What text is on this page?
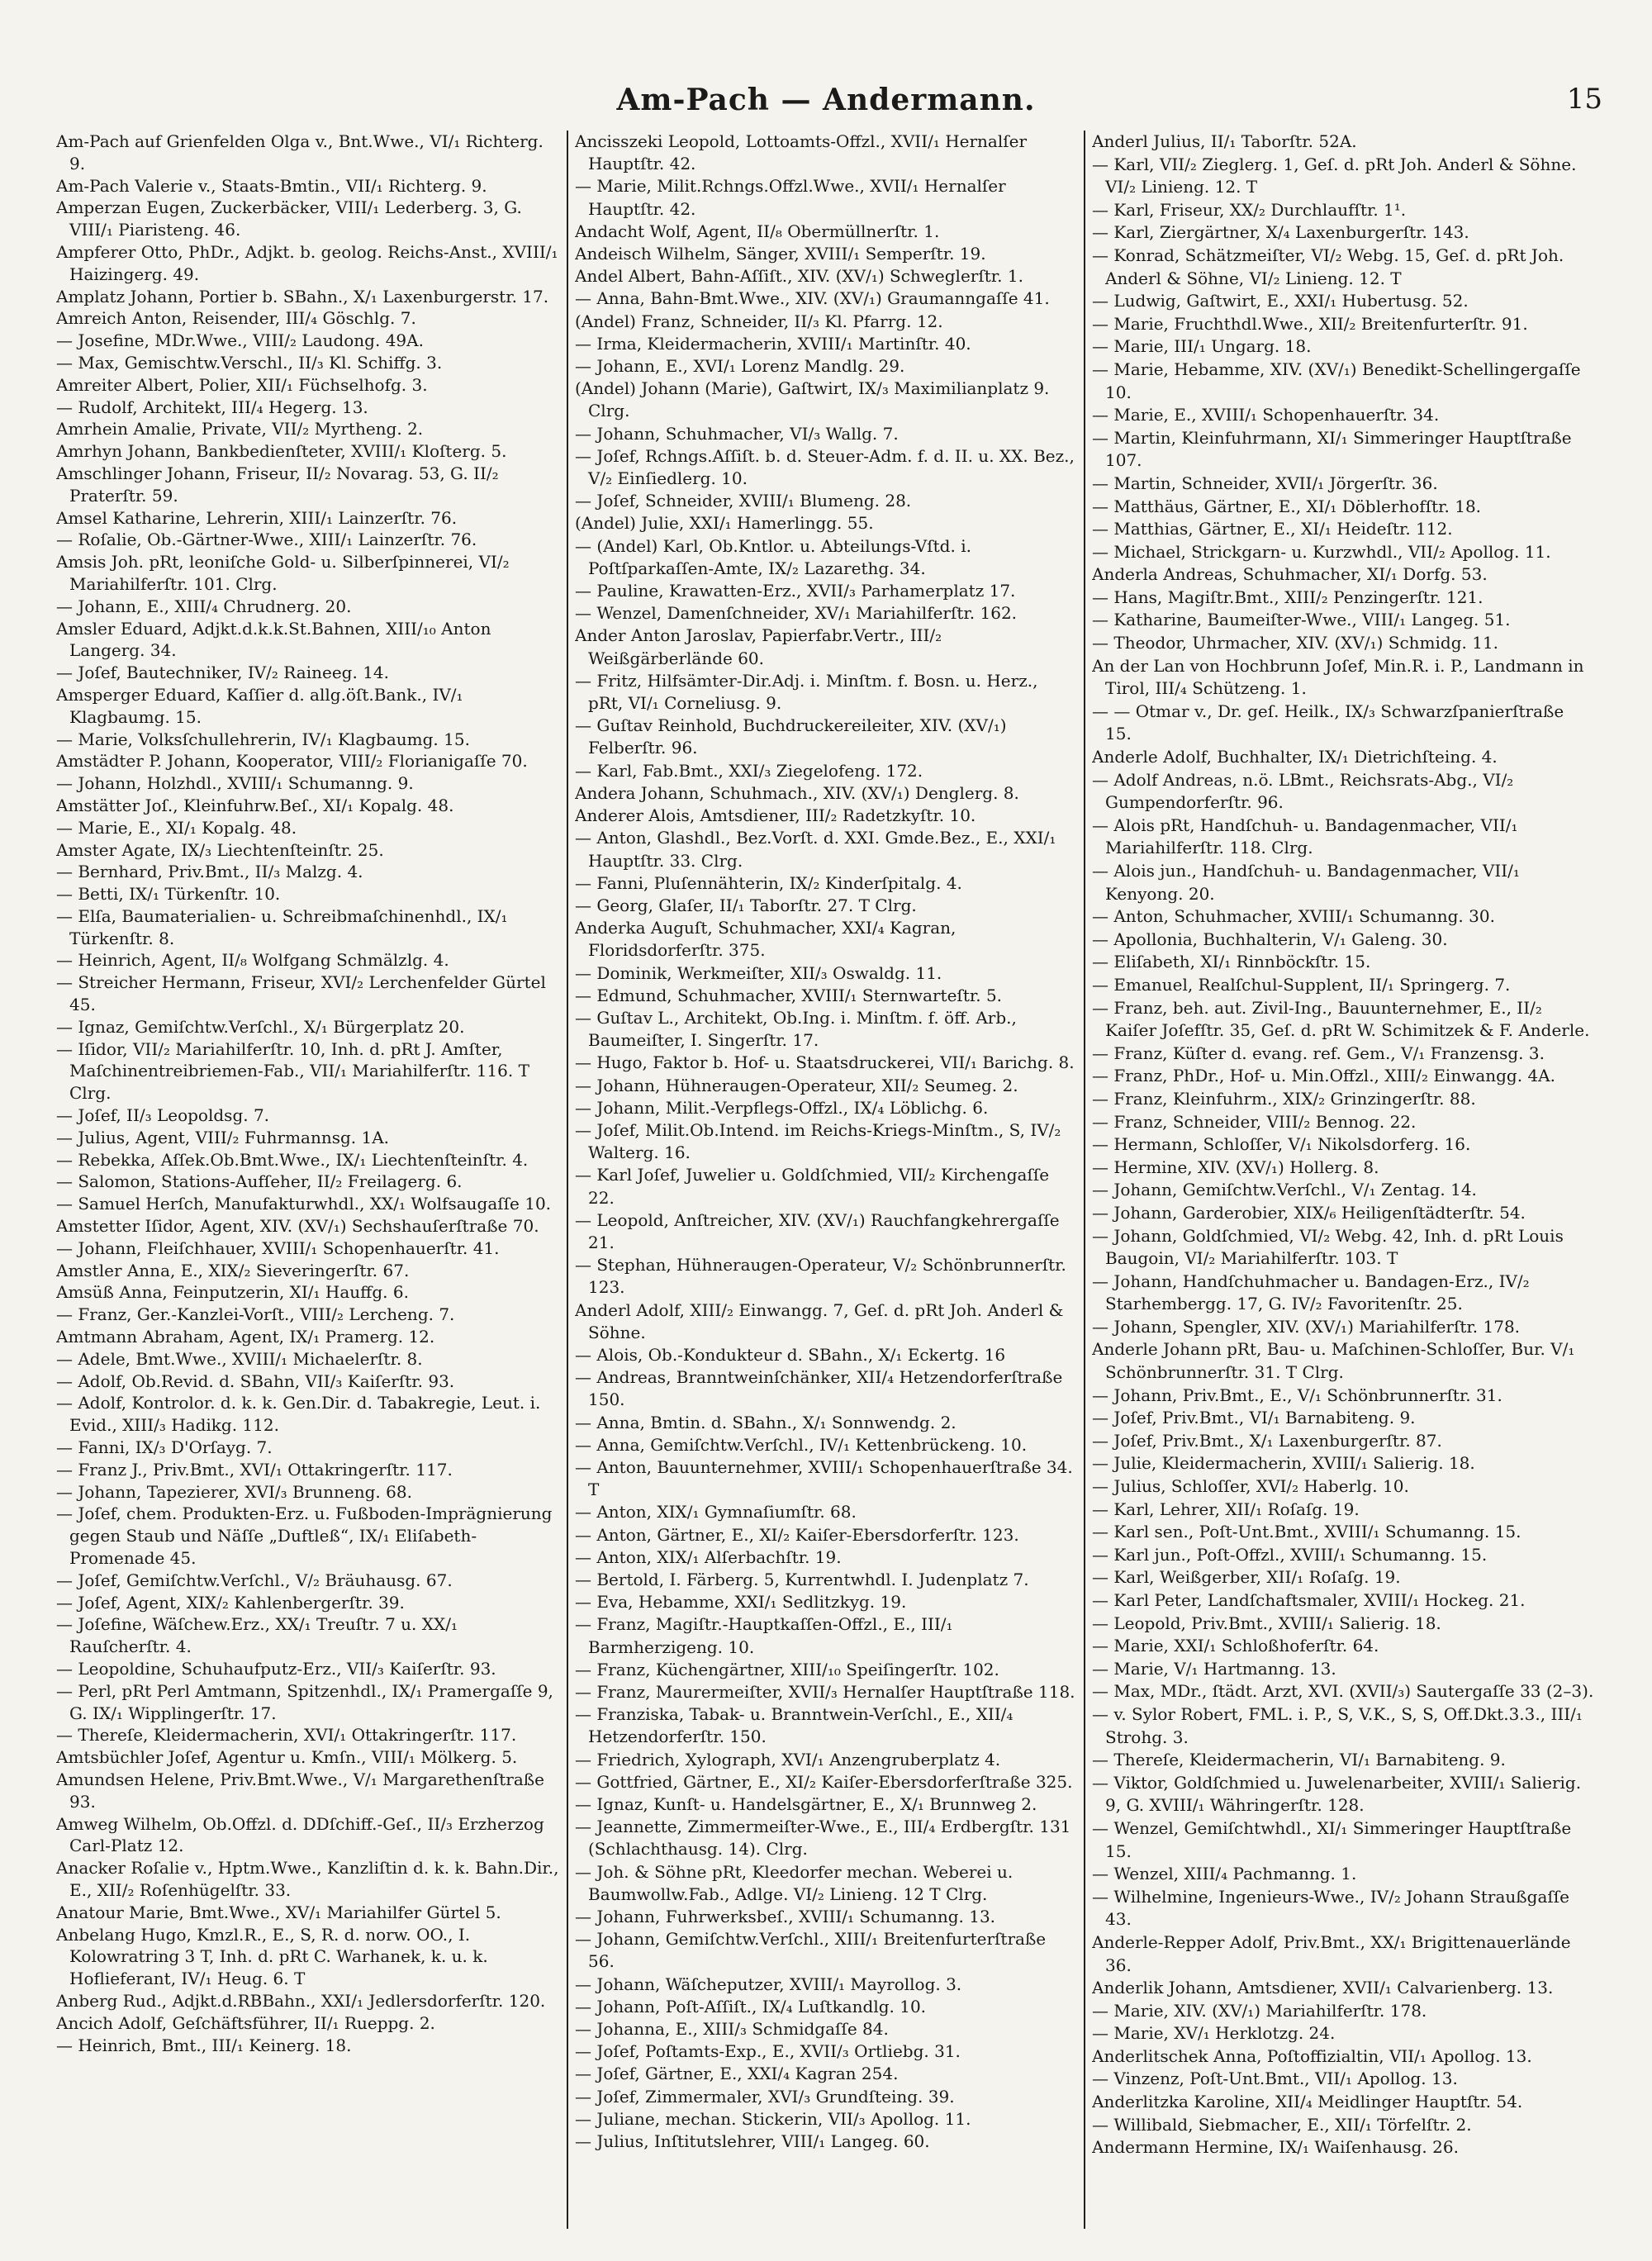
Am-Pach — Andermann.	15
Am-Pach auf Grienfelden Olga v., Bnt.Wwe., VI/₁ Richterg. 9.
Am-Pach Valerie v., Staats-Bmtin., VII/₁ Richterg. 9.
Amperzan Eugen, Zuckerbäcker, VIII/₁ Lederberg. 3, G. VIII/₁ Piaristeng. 46.
Ampferer Otto, PhDr., Adjkt. b. geolog. Reichs-Anst., XVIII/₁ Haizingerg. 49.
Amplatz Johann, Portier b. SBahn., X/₁ Laxenburgerstr. 17.
Amreich Anton, Reisender, III/₄ Göschlg. 7.
— Josefine, MDr.Wwe., VIII/₂ Laudong. 49A.
— Max, Gemischtw.Verschl., II/₃ Kl. Schiffg. 3.
Amreiter Albert, Polier, XII/₁ Füchselhofg. 3.
— Rudolf, Architekt, III/₄ Hegerg. 13.
Amrhein Amalie, Private, VII/₂ Myrtheng. 2.
Amrhyn Johann, Bankbedienſteter, XVIII/₁ Kloſterg. 5.
Amschlinger Johann, Friseur, II/₂ Novarag. 53, G. II/₂ Praterſtr. 59.
Amsel Katharine, Lehrerin, XIII/₁ Lainzerſtr. 76.
— Roſalie, Ob.-Gärtner-Wwe., XIII/₁ Lainzerſtr. 76.
Amsis Joh. pRt, leoniſche Gold- u. Silberſpinnerei, VI/₂ Mariahilferſtr. 101. Clrg.
— Johann, E., XIII/₄ Chrudnerg. 20.
Amsler Eduard, Adjkt.d.k.k.St.Bahnen, XIII/₁₀ Anton Langerg. 34.
— Joſef, Bautechniker, IV/₂ Raineeg. 14.
Amsperger Eduard, Kaſſier d. allg.öſt.Bank., IV/₁ Klagbaumg. 15.
— Marie, Volksſchullehrerin, IV/₁ Klagbaumg. 15.
Amstädter P. Johann, Kooperator, VIII/₂ Florianigaſſe 70.
— Johann, Holzhdl., XVIII/₁ Schumanng. 9.
Amstätter Joſ., Kleinfuhrw.Beſ., XI/₁ Kopalg. 48.
— Marie, E., XI/₁ Kopalg. 48.
Amster Agate, IX/₃ Liechtenſteinſtr. 25.
— Bernhard, Priv.Bmt., II/₃ Malzg. 4.
— Betti, IX/₁ Türkenſtr. 10.
— Elſa, Baumaterialien- u. Schreibmaſchinenhdl., IX/₁ Türkenſtr. 8.
— Heinrich, Agent, II/₈ Wolfgang Schmälzlg. 4.
— Streicher Hermann, Friseur, XVI/₂ Lerchenfelder Gürtel 45.
— Ignaz, Gemiſchtw.Verſchl., X/₁ Bürgerplatz 20.
— Iſidor, VII/₂ Mariahilferſtr. 10, Inh. d. pRt J. Amſter, Maſchinentreibriemen-Fab., VII/₁ Mariahilferſtr. 116. T Clrg.
— Joſef, II/₃ Leopoldsg. 7.
— Julius, Agent, VIII/₂ Fuhrmannsg. 1A.
— Rebekka, Aſſek.Ob.Bmt.Wwe., IX/₁ Liechtenſteinſtr. 4.
— Salomon, Stations-Aufſeher, II/₂ Freilagerg. 6.
— Samuel Herſch, Manufakturwhdl., XX/₁ Wolfsaugaſſe 10.
Amstetter Iſidor, Agent, XIV. (XV/₁) Sechshauſerſtraße 70.
— Johann, Fleiſchhauer, XVIII/₁ Schopenhauerſtr. 41.
Amstler Anna, E., XIX/₂ Sieveringerſtr. 67.
Amsüß Anna, Feinputzerin, XI/₁ Hauffg. 6.
— Franz, Ger.-Kanzlei-Vorſt., VIII/₂ Lercheng. 7.
Amtmann Abraham, Agent, IX/₁ Pramerg. 12.
— Adele, Bmt.Wwe., XVIII/₁ Michaelerſtr. 8.
— Adolf, Ob.Revid. d. SBahn, VII/₃ Kaiſerſtr. 93.
— Adolf, Kontrolor. d. k. k. Gen.Dir. d. Tabakregie, Leut. i. Evid., XIII/₃ Hadikg. 112.
— Fanni, IX/₃ D'Orſayg. 7.
— Franz J., Priv.Bmt., XVI/₁ Ottakringerſtr. 117.
— Johann, Tapezierer, XVI/₃ Brunneng. 68.
— Joſef, chem. Produkten-Erz. u. Fußboden-Imprägnierung gegen Staub und Näſſe „Duftleß“, IX/₁ Eliſabeth-Promenade 45.
— Joſef, Gemiſchtw.Verſchl., V/₂ Bräuhausg. 67.
— Joſef, Agent, XIX/₂ Kahlenbergerſtr. 39.
— Joſefine, Wäſchew.Erz., XX/₁ Treuſtr. 7 u. XX/₁ Rauſcherſtr. 4.
— Leopoldine, Schuhaufputz-Erz., VII/₃ Kaiſerſtr. 93.
— Perl, pRt Perl Amtmann, Spitzenhdl., IX/₁ Pramergaſſe 9, G. IX/₁ Wipplingerſtr. 17.
— Thereſe, Kleidermacherin, XVI/₁ Ottakringerſtr. 117.
Amtsbüchler Joſef, Agentur u. Kmſn., VIII/₁ Mölkerg. 5.
Amundsen Helene, Priv.Bmt.Wwe., V/₁ Margarethenſtraße 93.
Amweg Wilhelm, Ob.Offzl. d. DDſchiff.-Geſ., II/₃ Erzherzog Carl-Platz 12.
Anacker Roſalie v., Hptm.Wwe., Kanzliſtin d. k. k. Bahn.Dir., E., XII/₂ Roſenhügelſtr. 33.
Anatour Marie, Bmt.Wwe., XV/₁ Mariahilfer Gürtel 5.
Anbelang Hugo, Kmzl.R., E., S, R. d. norw. OO., I. Kolowratring 3 T, Inh. d. pRt C. Warhanek, k. u. k. Hoflieferant, IV/₁ Heug. 6. T
Anberg Rud., Adjkt.d.RBBahn., XXI/₁ Jedlersdorferſtr. 120.
Ancich Adolf, Geſchäftsführer, II/₁ Rueppg. 2.
— Heinrich, Bmt., III/₁ Keinerg. 18.
Ancisszeki Leopold, Lottoamts-Offzl., XVII/₁ Hernalſer Hauptſtr. 42.
— Marie, Milit.Rchngs.Offzl.Wwe., XVII/₁ Hernalſer Hauptſtr. 42.
Andacht Wolf, Agent, II/₈ Obermüllnerſtr. 1.
Andeisch Wilhelm, Sänger, XVIII/₁ Semperſtr. 19.
Andel Albert, Bahn-Aſſiſt., XIV. (XV/₁) Schweglerſtr. 1.
— Anna, Bahn-Bmt.Wwe., XIV. (XV/₁) Graumanngaſſe 41.
(Andel) Franz, Schneider, II/₃ Kl. Pfarrg. 12.
— Irma, Kleidermacherin, XVIII/₁ Martinſtr. 40.
— Johann, E., XVI/₁ Lorenz Mandlg. 29.
(Andel) Johann (Marie), Gaſtwirt, IX/₃ Maximilianplatz 9. Clrg.
— Johann, Schuhmacher, VI/₃ Wallg. 7.
— Joſef, Rchngs.Aſſiſt. b. d. Steuer-Adm. f. d. II. u. XX. Bez., V/₂ Einſiedlerg. 10.
— Joſef, Schneider, XVIII/₁ Blumeng. 28.
(Andel) Julie, XXI/₁ Hamerlingg. 55.
— (Andel) Karl, Ob.Kntlor. u. Abteilungs-Vſtd. i. Poſtſparkaſſen-Amte, IX/₂ Lazarethg. 34.
— Pauline, Krawatten-Erz., XVII/₃ Parhamerplatz 17.
— Wenzel, Damenſchneider, XV/₁ Mariahilferſtr. 162.
Ander Anton Jaroslav, Papierfabr.Vertr., III/₂ Weißgärberlände 60.
— Fritz, Hilfsämter-Dir.Adj. i. Minſtm. f. Bosn. u. Herz., pRt, VI/₁ Corneliusg. 9.
— Guſtav Reinhold, Buchdruckereileiter, XIV. (XV/₁) Felberſtr. 96.
— Karl, Fab.Bmt., XXI/₃ Ziegelofeng. 172.
Andera Johann, Schuhmach., XIV. (XV/₁) Denglerg. 8.
Anderer Alois, Amtsdiener, III/₂ Radetzkyſtr. 10.
— Anton, Glashdl., Bez.Vorſt. d. XXI. Gmde.Bez., E., XXI/₁ Hauptſtr. 33. Clrg.
— Fanni, Pluſennähterin, IX/₂ Kinderſpitalg. 4.
— Georg, Glaſer, II/₁ Taborſtr. 27. T Clrg.
Anderka Auguſt, Schuhmacher, XXI/₄ Kagran, Floridsdorferſtr. 375.
— Dominik, Werkmeiſter, XII/₃ Oswaldg. 11.
— Edmund, Schuhmacher, XVIII/₁ Sternwarteſtr. 5.
— Guſtav L., Architekt, Ob.Ing. i. Minſtm. f. öff. Arb., Baumeiſter, I. Singerſtr. 17.
— Hugo, Faktor b. Hof- u. Staatsdruckerei, VII/₁ Barichg. 8.
— Johann, Hühneraugen-Operateur, XII/₂ Seumeg. 2.
— Johann, Milit.-Verpflegs-Offzl., IX/₄ Löblichg. 6.
— Joſef, Milit.Ob.Intend. im Reichs-Kriegs-Minſtm., S, IV/₂ Walterg. 16.
— Karl Joſef, Juwelier u. Goldſchmied, VII/₂ Kirchengaſſe 22.
— Leopold, Anſtreicher, XIV. (XV/₁) Rauchfangkehrergaſſe 21.
— Stephan, Hühneraugen-Operateur, V/₂ Schönbrunnerſtr. 123.
Anderl Adolf, XIII/₂ Einwangg. 7, Geſ. d. pRt Joh. Anderl & Söhne.
— Alois, Ob.-Kondukteur d. SBahn., X/₁ Eckertg. 16
— Andreas, Branntweinſchänker, XII/₄ Hetzendorferſtraße 150.
— Anna, Bmtin. d. SBahn., X/₁ Sonnwendg. 2.
— Anna, Gemiſchtw.Verſchl., IV/₁ Kettenbrückeng. 10.
— Anton, Bauunternehmer, XVIII/₁ Schopenhauerſtraße 34. T
— Anton, XIX/₁ Gymnaſiumſtr. 68.
— Anton, Gärtner, E., XI/₂ Kaiſer-Ebersdorferſtr. 123.
— Anton, XIX/₁ Alſerbachſtr. 19.
— Bertold, I. Färberg. 5, Kurrentwhdl. I. Judenplatz 7.
— Eva, Hebamme, XXI/₁ Sedlitzkyg. 19.
— Franz, Magiſtr.-Hauptkaſſen-Offzl., E., III/₁ Barmherzigeng. 10.
— Franz, Küchengärtner, XIII/₁₀ Speiſingerſtr. 102.
— Franz, Maurermeiſter, XVII/₃ Hernalſer Hauptſtraße 118.
— Franziska, Tabak- u. Branntwein-Verſchl., E., XII/₄ Hetzendorferſtr. 150.
— Friedrich, Xylograph, XVI/₁ Anzengruberplatz 4.
— Gottfried, Gärtner, E., XI/₂ Kaiſer-Ebersdorferſtraße 325.
— Ignaz, Kunſt- u. Handelsgärtner, E., X/₁ Brunnweg 2.
— Jeannette, Zimmermeiſter-Wwe., E., III/₄ Erdbergſtr. 131 (Schlachthausg. 14). Clrg.
— Joh. & Söhne pRt, Kleedorfer mechan. Weberei u. Baumwollw.Fab., Adlge. VI/₂ Linieng. 12 T Clrg.
— Johann, Fuhrwerksbeſ., XVIII/₁ Schumanng. 13.
— Johann, Gemiſchtw.Verſchl., XIII/₁ Breitenfurterſtraße 56.
— Johann, Wäſcheputzer, XVIII/₁ Mayrollog. 3.
— Johann, Poſt-Aſſiſt., IX/₄ Luſtkandlg. 10.
— Johanna, E., XIII/₃ Schmidgaſſe 84.
— Joſef, Poſtamts-Exp., E., XVII/₃ Ortliebg. 31.
— Joſef, Gärtner, E., XXI/₄ Kagran 254.
— Joſef, Zimmermaler, XVI/₃ Grundſteing. 39.
— Juliane, mechan. Stickerin, VII/₃ Apollog. 11.
— Julius, Inſtitutslehrer, VIII/₁ Langeg. 60.
Anderl Julius, II/₁ Taborſtr. 52A.
— Karl, VII/₂ Zieglerg. 1, Geſ. d. pRt Joh. Anderl & Söhne. VI/₂ Linieng. 12. T
— Karl, Friseur, XX/₂ Durchlaufſtr. 1¹.
— Karl, Ziergärtner, X/₄ Laxenburgerſtr. 143.
— Konrad, Schätzmeiſter, VI/₂ Webg. 15, Geſ. d. pRt Joh. Anderl & Söhne, VI/₂ Linieng. 12. T
— Ludwig, Gaſtwirt, E., XXI/₁ Hubertusg. 52.
— Marie, Fruchthdl.Wwe., XII/₂ Breitenfurterſtr. 91.
— Marie, III/₁ Ungarg. 18.
— Marie, Hebamme, XIV. (XV/₁) Benedikt-Schellingergaſſe 10.
— Marie, E., XVIII/₁ Schopenhauerſtr. 34.
— Martin, Kleinfuhrmann, XI/₁ Simmeringer Hauptſtraße 107.
— Martin, Schneider, XVII/₁ Jörgerſtr. 36.
— Matthäus, Gärtner, E., XI/₁ Döblerhofſtr. 18.
— Matthias, Gärtner, E., XI/₁ Heideſtr. 112.
— Michael, Strickgarn- u. Kurzwhdl., VII/₂ Apollog. 11.
Anderla Andreas, Schuhmacher, XI/₁ Dorfg. 53.
— Hans, Magiſtr.Bmt., XIII/₂ Penzingerſtr. 121.
— Katharine, Baumeiſter-Wwe., VIII/₁ Langeg. 51.
— Theodor, Uhrmacher, XIV. (XV/₁) Schmidg. 11.
An der Lan von Hochbrunn Joſef, Min.R. i. P., Landmann in Tirol, III/₄ Schützeng. 1.
— — Otmar v., Dr. geſ. Heilk., IX/₃ Schwarzſpanierſtraße 15.
Anderle Adolf, Buchhalter, IX/₁ Dietrichſteing. 4.
— Adolf Andreas, n.ö. LBmt., Reichsrats-Abg., VI/₂ Gumpendorferſtr. 96.
— Alois pRt, Handſchuh- u. Bandagenmacher, VII/₁ Mariahilferſtr. 118. Clrg.
— Alois jun., Handſchuh- u. Bandagenmacher, VII/₁ Kenyong. 20.
— Anton, Schuhmacher, XVIII/₁ Schumanng. 30.
— Apollonia, Buchhalterin, V/₁ Galeng. 30.
— Eliſabeth, XI/₁ Rinnböckſtr. 15.
— Emanuel, Realſchul-Supplent, II/₁ Springerg. 7.
— Franz, beh. aut. Zivil-Ing., Bauunternehmer, E., II/₂ Kaiſer Joſefſtr. 35, Geſ. d. pRt W. Schimitzek & F. Anderle.
— Franz, Küſter d. evang. ref. Gem., V/₁ Franzensg. 3.
— Franz, PhDr., Hof- u. Min.Offzl., XIII/₂ Einwangg. 4A.
— Franz, Kleinfuhrm., XIX/₂ Grinzingerſtr. 88.
— Franz, Schneider, VIII/₂ Bennog. 22.
— Hermann, Schloſſer, V/₁ Nikolsdorferg. 16.
— Hermine, XIV. (XV/₁) Hollerg. 8.
— Johann, Gemiſchtw.Verſchl., V/₁ Zentag. 14.
— Johann, Garderobier, XIX/₆ Heiligenſtädterſtr. 54.
— Johann, Goldſchmied, VI/₂ Webg. 42, Inh. d. pRt Louis Baugoin, VI/₂ Mariahilferſtr. 103. T
— Johann, Handſchuhmacher u. Bandagen-Erz., IV/₂ Starhembergg. 17, G. IV/₂ Favoritenſtr. 25.
— Johann, Spengler, XIV. (XV/₁) Mariahilferſtr. 178.
Anderle Johann pRt, Bau- u. Maſchinen-Schloſſer, Bur. V/₁ Schönbrunnerſtr. 31. T Clrg.
— Johann, Priv.Bmt., E., V/₁ Schönbrunnerſtr. 31.
— Joſef, Priv.Bmt., VI/₁ Barnabiteng. 9.
— Joſef, Priv.Bmt., X/₁ Laxenburgerſtr. 87.
— Julie, Kleidermacherin, XVIII/₁ Salierig. 18.
— Julius, Schloſſer, XVI/₂ Haberlg. 10.
— Karl, Lehrer, XII/₁ Roſaſg. 19.
— Karl sen., Poſt-Unt.Bmt., XVIII/₁ Schumanng. 15.
— Karl jun., Poſt-Offzl., XVIII/₁ Schumanng. 15.
— Karl, Weißgerber, XII/₁ Roſaſg. 19.
— Karl Peter, Landſchaftsmaler, XVIII/₁ Hockeg. 21.
— Leopold, Priv.Bmt., XVIII/₁ Salierig. 18.
— Marie, XXI/₁ Schloßhoferſtr. 64.
— Marie, V/₁ Hartmanng. 13.
— Max, MDr., ſtädt. Arzt, XVI. (XVII/₃) Sautergaſſe 33 (2–3).
— v. Sylor Robert, FML. i. P., S, V.K., S, S, Off.Dkt.3.3., III/₁ Strohg. 3.
— Thereſe, Kleidermacherin, VI/₁ Barnabiteng. 9.
— Viktor, Goldſchmied u. Juwelenarbeiter, XVIII/₁ Salierig. 9, G. XVIII/₁ Währingerſtr. 128.
— Wenzel, Gemiſchtwhdl., XI/₁ Simmeringer Hauptſtraße 15.
— Wenzel, XIII/₄ Pachmanng. 1.
— Wilhelmine, Ingenieurs-Wwe., IV/₂ Johann Straußgaſſe 43.
Anderle-Repper Adolf, Priv.Bmt., XX/₁ Brigittenauerlände 36.
Anderlik Johann, Amtsdiener, XVII/₁ Calvarienberg. 13.
— Marie, XIV. (XV/₁) Mariahilferſtr. 178.
— Marie, XV/₁ Herklotzg. 24.
Anderlitschek Anna, Poſtoffizialtin, VII/₁ Apollog. 13.
— Vinzenz, Poſt-Unt.Bmt., VII/₁ Apollog. 13.
Anderlitzka Karoline, XII/₄ Meidlinger Hauptſtr. 54.
— Willibald, Siebmacher, E., XII/₁ Törfelſtr. 2.
Andermann Hermine, IX/₁ Waiſenhausg. 26.
